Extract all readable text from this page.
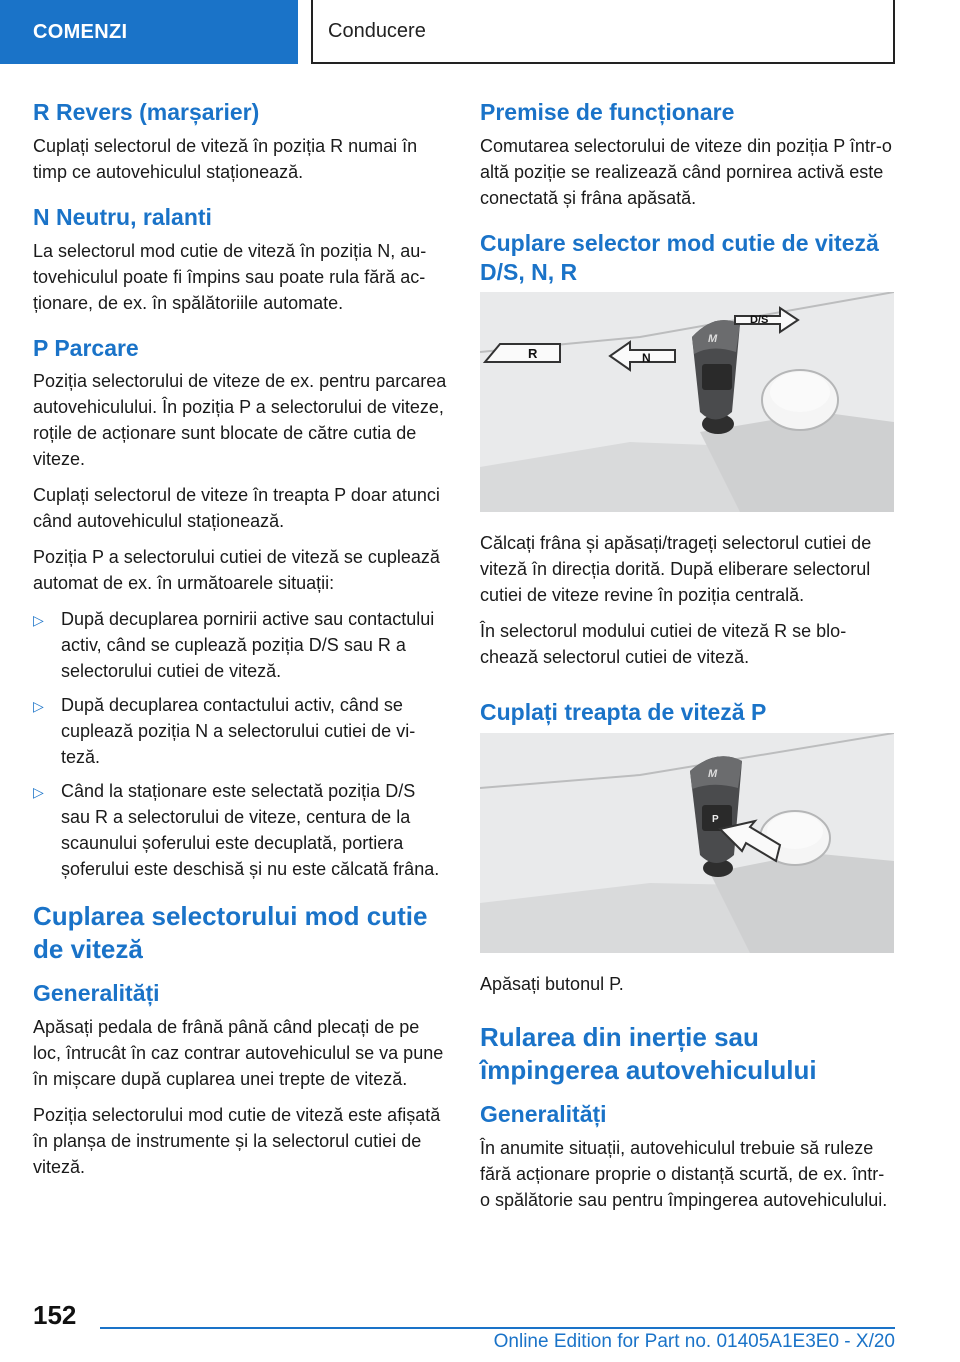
COMENZI	Conducere
R Revers (marșarier)

Cuplați selectorul de viteză în poziția R numai în timp ce autovehiculul staționează.

N Neutru, ralanti

La selectorul mod cutie de viteză în poziția N, autovehiculul poate fi împins sau poate rula fără acționare, de ex. în spălătoriile automate.

P Parcare

Poziția selectorului de viteze de ex. pentru parcarea autovehiculului. În poziția P a selectorului de viteze, roțile de acționare sunt blocate de către cutia de viteze.

Cuplați selectorul de viteze în treapta P doar atunci când autovehiculul staționează.

Poziția P a selectorului cutiei de viteză se cuplează automat de ex. în următoarele situații:

▷ După decuplarea pornirii active sau contactului activ, când se cuplează poziția D/S sau R a selectorului cutiei de viteză.
▷ După decuplarea contactului activ, când se cuplează poziția N a selectorului cutiei de viteză.
▷ Când la staționare este selectată poziția D/S sau R a selectorului de viteze, centura de la scaunului șoferului este decuplată, portiera șoferului este deschisă și nu este călcată frâna.
Cuplarea selectorului mod cutie de viteză
Generalități

Apăsați pedala de frână până când plecați de pe loc, întrucât în caz contrar autovehiculul se va pune în mișcare după cuplarea unei trepte de viteză.

Poziția selectorului mod cutie de viteză este afișată în planșa de instrumente și la selectorul cutiei de viteză.

Premise de funcționare

Comutarea selectorului de viteze din poziția P într-o altă poziție se realizează când pornirea activă este conectată și frâna apăsată.

Cuplare selector mod cutie de viteză D/S, N, R
R	N
D/S
M

Călcați frâna și apăsați/trageți selectorul cutiei de viteză în direcția dorită. După eliberare selectorul cutiei de viteze revine în poziția centrală.

În selectorul modului cutiei de viteză R se blochează selectorul cutiei de viteză.

Cuplați treapta de viteză P
M
P

Apăsați butonul P.

Rularea din inerție sau împingerea autovehiculului
Generalități

În anumite situații, autovehiculul trebuie să ruleze fără acționare proprie o distanță scurtă, de ex. într-o spălătorie sau pentru împingerea autovehiculului.

152
Online Edition for Part no. 01405A1E3E0 - X/20
